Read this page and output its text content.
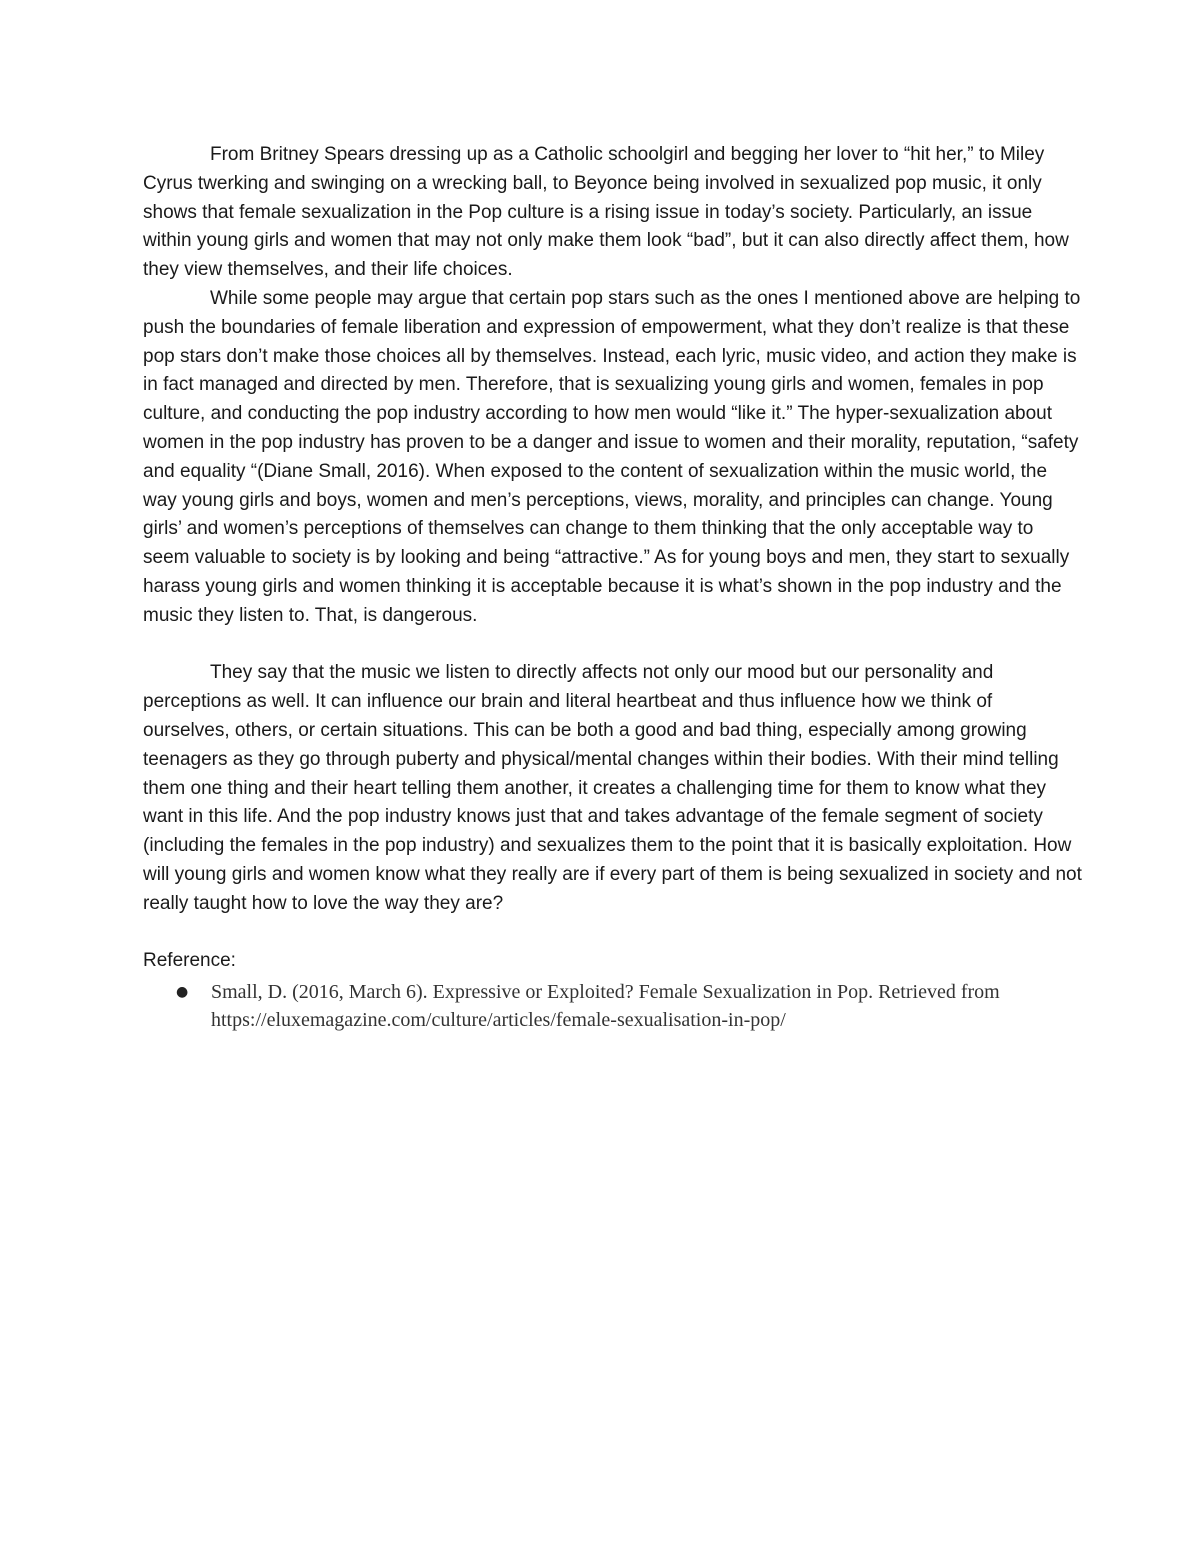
From Britney Spears dressing up as a Catholic schoolgirl and begging her lover to “hit her,” to Miley Cyrus twerking and swinging on a wrecking ball, to Beyonce being involved in sexualized pop music, it only shows that female sexualization in the Pop culture is a rising issue in today’s society. Particularly, an issue within young girls and women that may not only make them look “bad”, but it can also directly affect them, how they view themselves, and their life choices.

While some people may argue that certain pop stars such as the ones I mentioned above are helping to push the boundaries of female liberation and expression of empowerment, what they don’t realize is that these pop stars don’t make those choices all by themselves. Instead, each lyric, music video, and action they make is in fact managed and directed by men. Therefore, that is sexualizing young girls and women, females in pop culture, and conducting the pop industry according to how men would “like it.” The hyper-sexualization about women in the pop industry has proven to be a danger and issue to women and their morality, reputation, “safety and equality “(Diane Small, 2016). When exposed to the content of sexualization within the music world, the way young girls and boys, women and men’s perceptions, views, morality, and principles can change. Young girls’ and women’s perceptions of themselves can change to them thinking that the only acceptable way to seem valuable to society is by looking and being “attractive.” As for young boys and men, they start to sexually harass young girls and women thinking it is acceptable because it is what’s shown in the pop industry and the music they listen to. That, is dangerous.

They say that the music we listen to directly affects not only our mood but our personality and perceptions as well. It can influence our brain and literal heartbeat and thus influence how we think of ourselves, others, or certain situations. This can be both a good and bad thing, especially among growing teenagers as they go through puberty and physical/mental changes within their bodies. With their mind telling them one thing and their heart telling them another, it creates a challenging time for them to know what they want in this life. And the pop industry knows just that and takes advantage of the female segment of society (including the females in the pop industry) and sexualizes them to the point that it is basically exploitation. How will young girls and women know what they really are if every part of them is being sexualized in society and not really taught how to love the way they are?

Reference:

● Small, D. (2016, March 6). Expressive or Exploited? Female Sexualization in Pop. Retrieved from https://eluxemagazine.com/culture/articles/female-sexualisation-in-pop/
